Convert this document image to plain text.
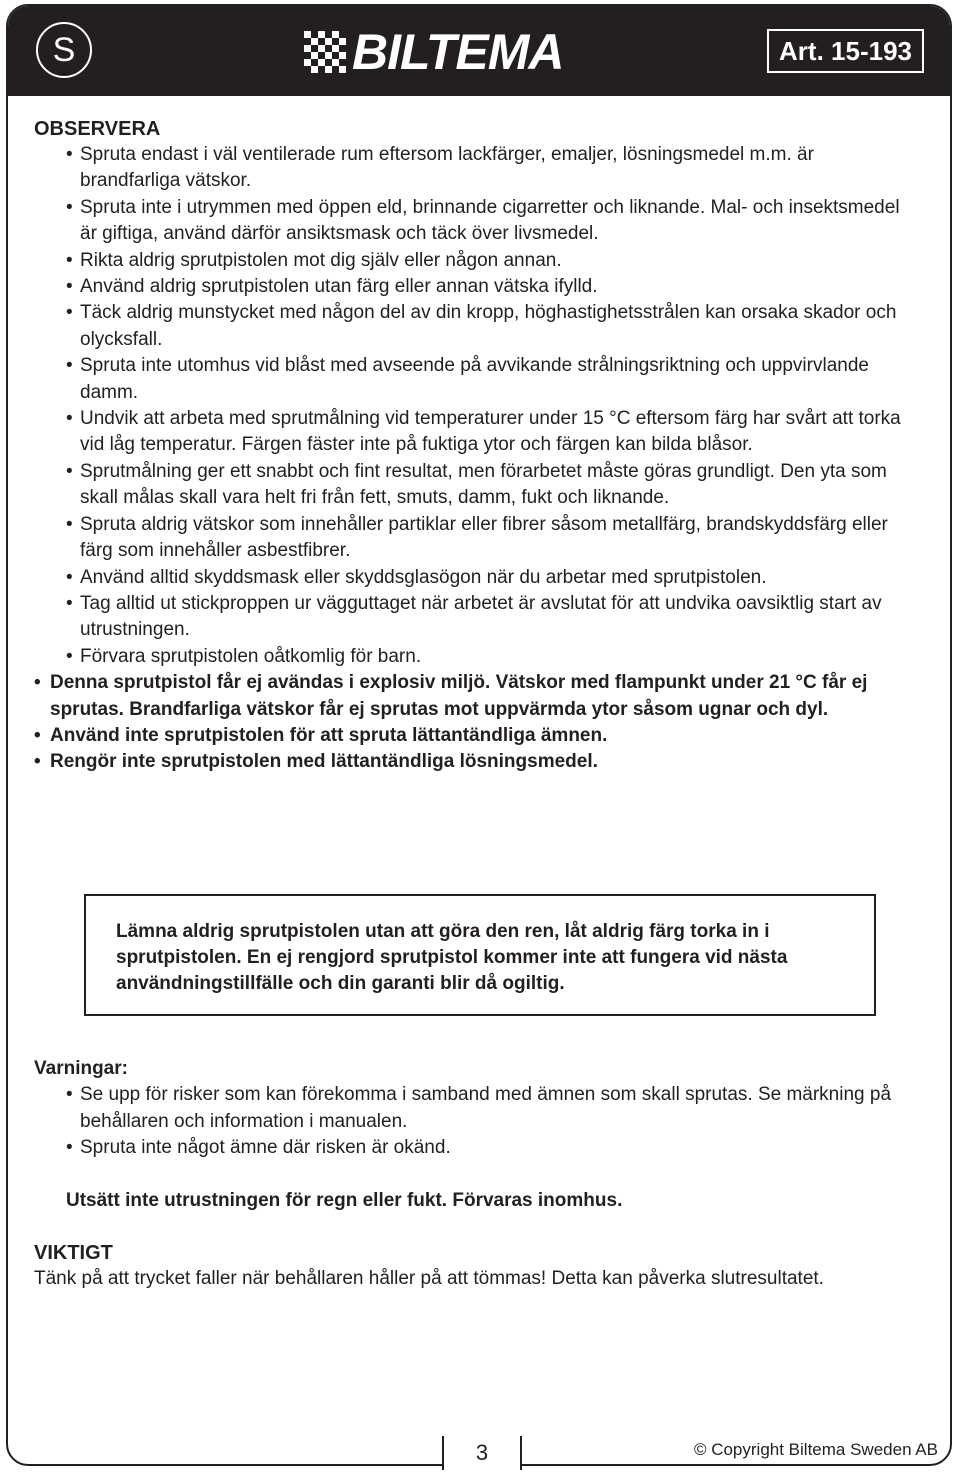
S	BILTEMA	Art. 15-193
OBSERVERA
• Spruta endast i väl ventilerade rum eftersom lackfärger, emaljer, lösningsmedel m.m. är brandfarliga vätskor.
• Spruta inte i utrymmen med öppen eld, brinnande cigarretter och liknande. Mal- och insektsmedel är giftiga, använd därför ansiktsmask och täck över livsmedel.
• Rikta aldrig sprutpistolen mot dig själv eller någon annan.
• Använd aldrig sprutpistolen utan färg eller annan vätska ifylld.
• Täck aldrig munstycket med någon del av din kropp, höghastighetsstrålen kan orsaka skador och olycksfall.
• Spruta inte utomhus vid blåst med avseende på avvikande strålningsriktning och uppvirvlande damm.
• Undvik att arbeta med sprutmålning vid temperaturer under 15 °C eftersom färg har svårt att torka vid låg temperatur. Färgen fäster inte på fuktiga ytor och färgen kan bilda blåsor.
• Sprutmålning ger ett snabbt och fint resultat, men förarbetet måste göras grundligt. Den yta som skall målas skall vara helt fri från fett, smuts, damm, fukt och liknande.
• Spruta aldrig vätskor som innehåller partiklar eller fibrer såsom metallfärg, brandskyddsfärg eller färg som innehåller asbestfibrer.
• Använd alltid skyddsmask eller skyddsglasögon när du arbetar med sprutpistolen.
• Tag alltid ut stickproppen ur vägguttaget när arbetet är avslutat för att undvika oavsiktlig start av utrustningen.
• Förvara sprutpistolen oåtkomlig för barn.
• Denna sprutpistol får ej avändas i explosiv miljö. Vätskor med flampunkt under 21 °C får ej sprutas. Brandfarliga vätskor får ej sprutas mot uppvärmda ytor såsom ugnar och dyl.
• Använd inte sprutpistolen för att spruta lättantändliga ämnen.
• Rengör inte sprutpistolen med lättantändliga lösningsmedel.
Lämna aldrig sprutpistolen utan att göra den ren, låt aldrig färg torka in i sprutpistolen. En ej rengjord sprutpistol kommer inte att fungera vid nästa användningstillfälle och din garanti blir då ogiltig.
Varningar:
• Se upp för risker som kan förekomma i samband med ämnen som skall sprutas. Se märkning på behållaren och information i manualen.
• Spruta inte något ämne där risken är okänd.
Utsätt inte utrustningen för regn eller fukt. Förvaras inomhus.
VIKTIGT
Tänk på att trycket faller när behållaren håller på att tömmas! Detta kan påverka slutresultatet.
3	© Copyright Biltema Sweden AB
